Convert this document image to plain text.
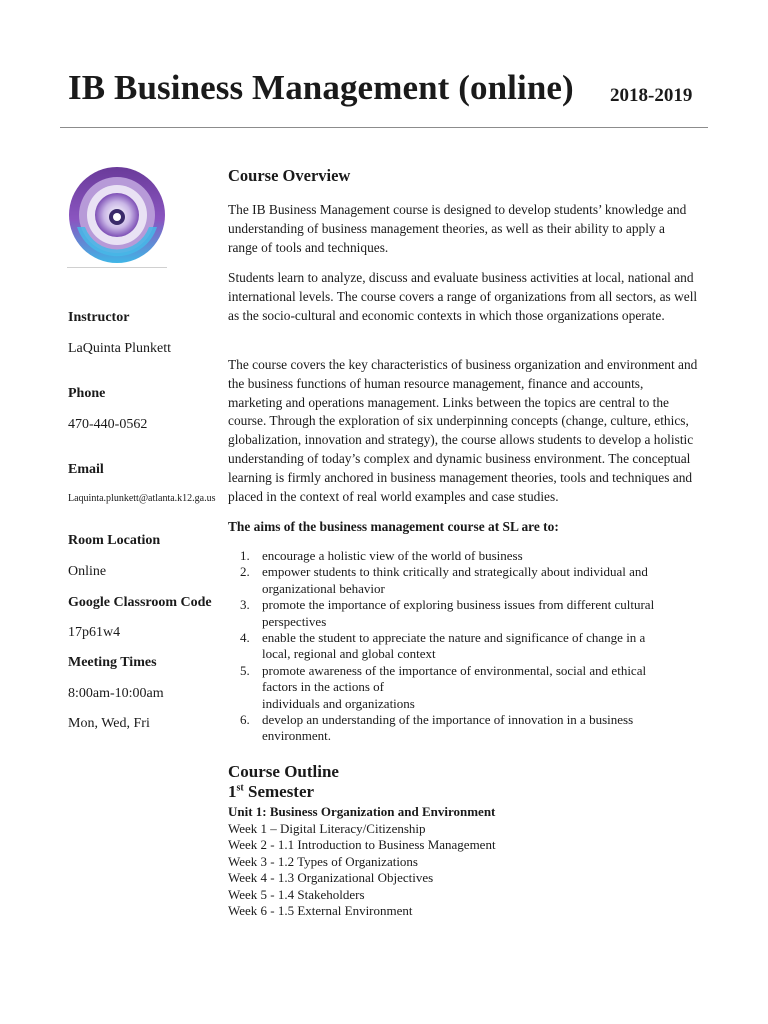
IB Business Management (online) 2018-2019
Instructor
LaQuinta Plunkett
Phone
470-440-0562
Email
Laquinta.plunkett@atlanta.k12.ga.us
Room Location
Online
Google Classroom Code
17p61w4
Meeting Times
8:00am-10:00am
Mon, Wed, Fri
Course Overview

The IB Business Management course is designed to develop students’ knowledge and understanding of business management theories, as well as their ability to apply a range of tools and techniques.

Students learn to analyze, discuss and evaluate business activities at local, national and international levels. The course covers a range of organizations from all sectors, as well as the socio-cultural and economic contexts in which those organizations operate.

The course covers the key characteristics of business organization and environment and the business functions of human resource management, finance and accounts, marketing and operations management. Links between the topics are central to the course. Through the exploration of six underpinning concepts (change, culture, ethics, globalization, innovation and strategy), the course allows students to develop a holistic understanding of today’s complex and dynamic business environment. The conceptual learning is firmly anchored in business management theories, tools and techniques and placed in the context of real world examples and case studies.

The aims of the business management course at SL are to:
1. encourage a holistic view of the world of business
2. empower students to think critically and strategically about individual and
organizational behavior
3. promote the importance of exploring business issues from different cultural
perspectives
4. enable the student to appreciate the nature and significance of change in a
local, regional and global context
5. promote awareness of the importance of environmental, social and ethical
factors in the actions of
individuals and organizations
6. develop an understanding of the importance of innovation in a business
environment.
Course Outline
1st Semester
Unit 1: Business Organization and Environment
Week 1 – Digital Literacy/Citizenship
Week 2 - 1.1 Introduction to Business Management
Week 3 - 1.2 Types of Organizations
Week 4 - 1.3 Organizational Objectives
Week 5 - 1.4 Stakeholders
Week 6 - 1.5 External Environment
